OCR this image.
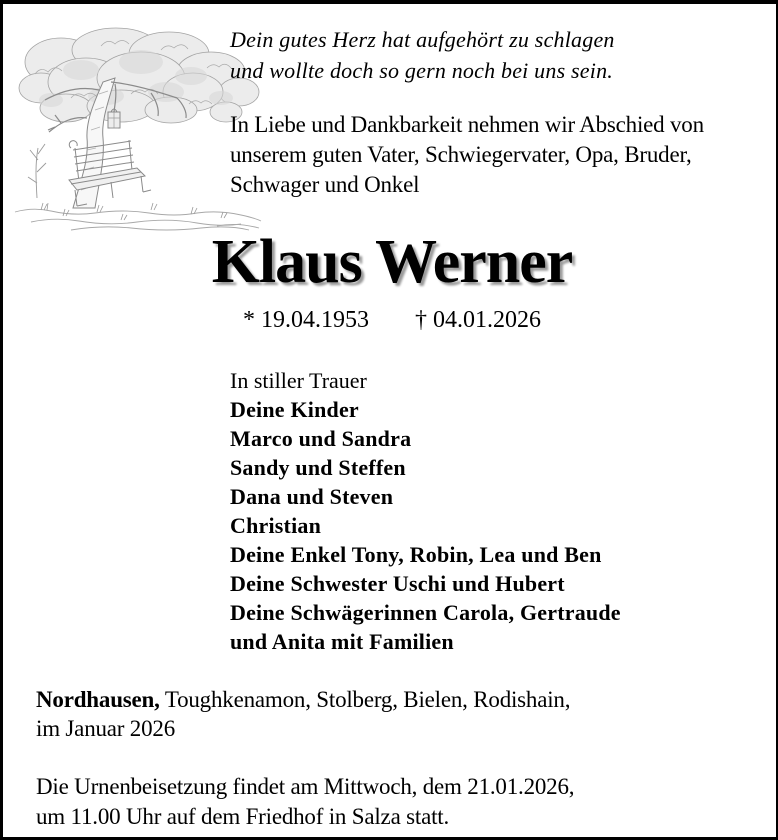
Dein gutes Herz hat aufgehört zu schlagen
und wollte doch so gern noch bei uns sein.
In Liebe und Dankbarkeit nehmen wir Abschied von
unserem guten Vater, Schwiegervater, Opa, Bruder,
Schwager und Onkel
Klaus Werner
* 19.04.1953 † 04.01.2026
In stiller Trauer
Deine Kinder
Marco und Sandra
Sandy und Steffen
Dana und Steven
Christian
Deine Enkel Tony, Robin, Lea und Ben
Deine Schwester Uschi und Hubert
Deine Schwägerinnen Carola, Gertraude
und Anita mit Familien
Nordhausen, Toughkenamon, Stolberg, Bielen, Rodishain,
im Januar 2026
Die Urnenbeisetzung findet am Mittwoch, dem 21.01.2026,
um 11.00 Uhr auf dem Friedhof in Salza statt.
